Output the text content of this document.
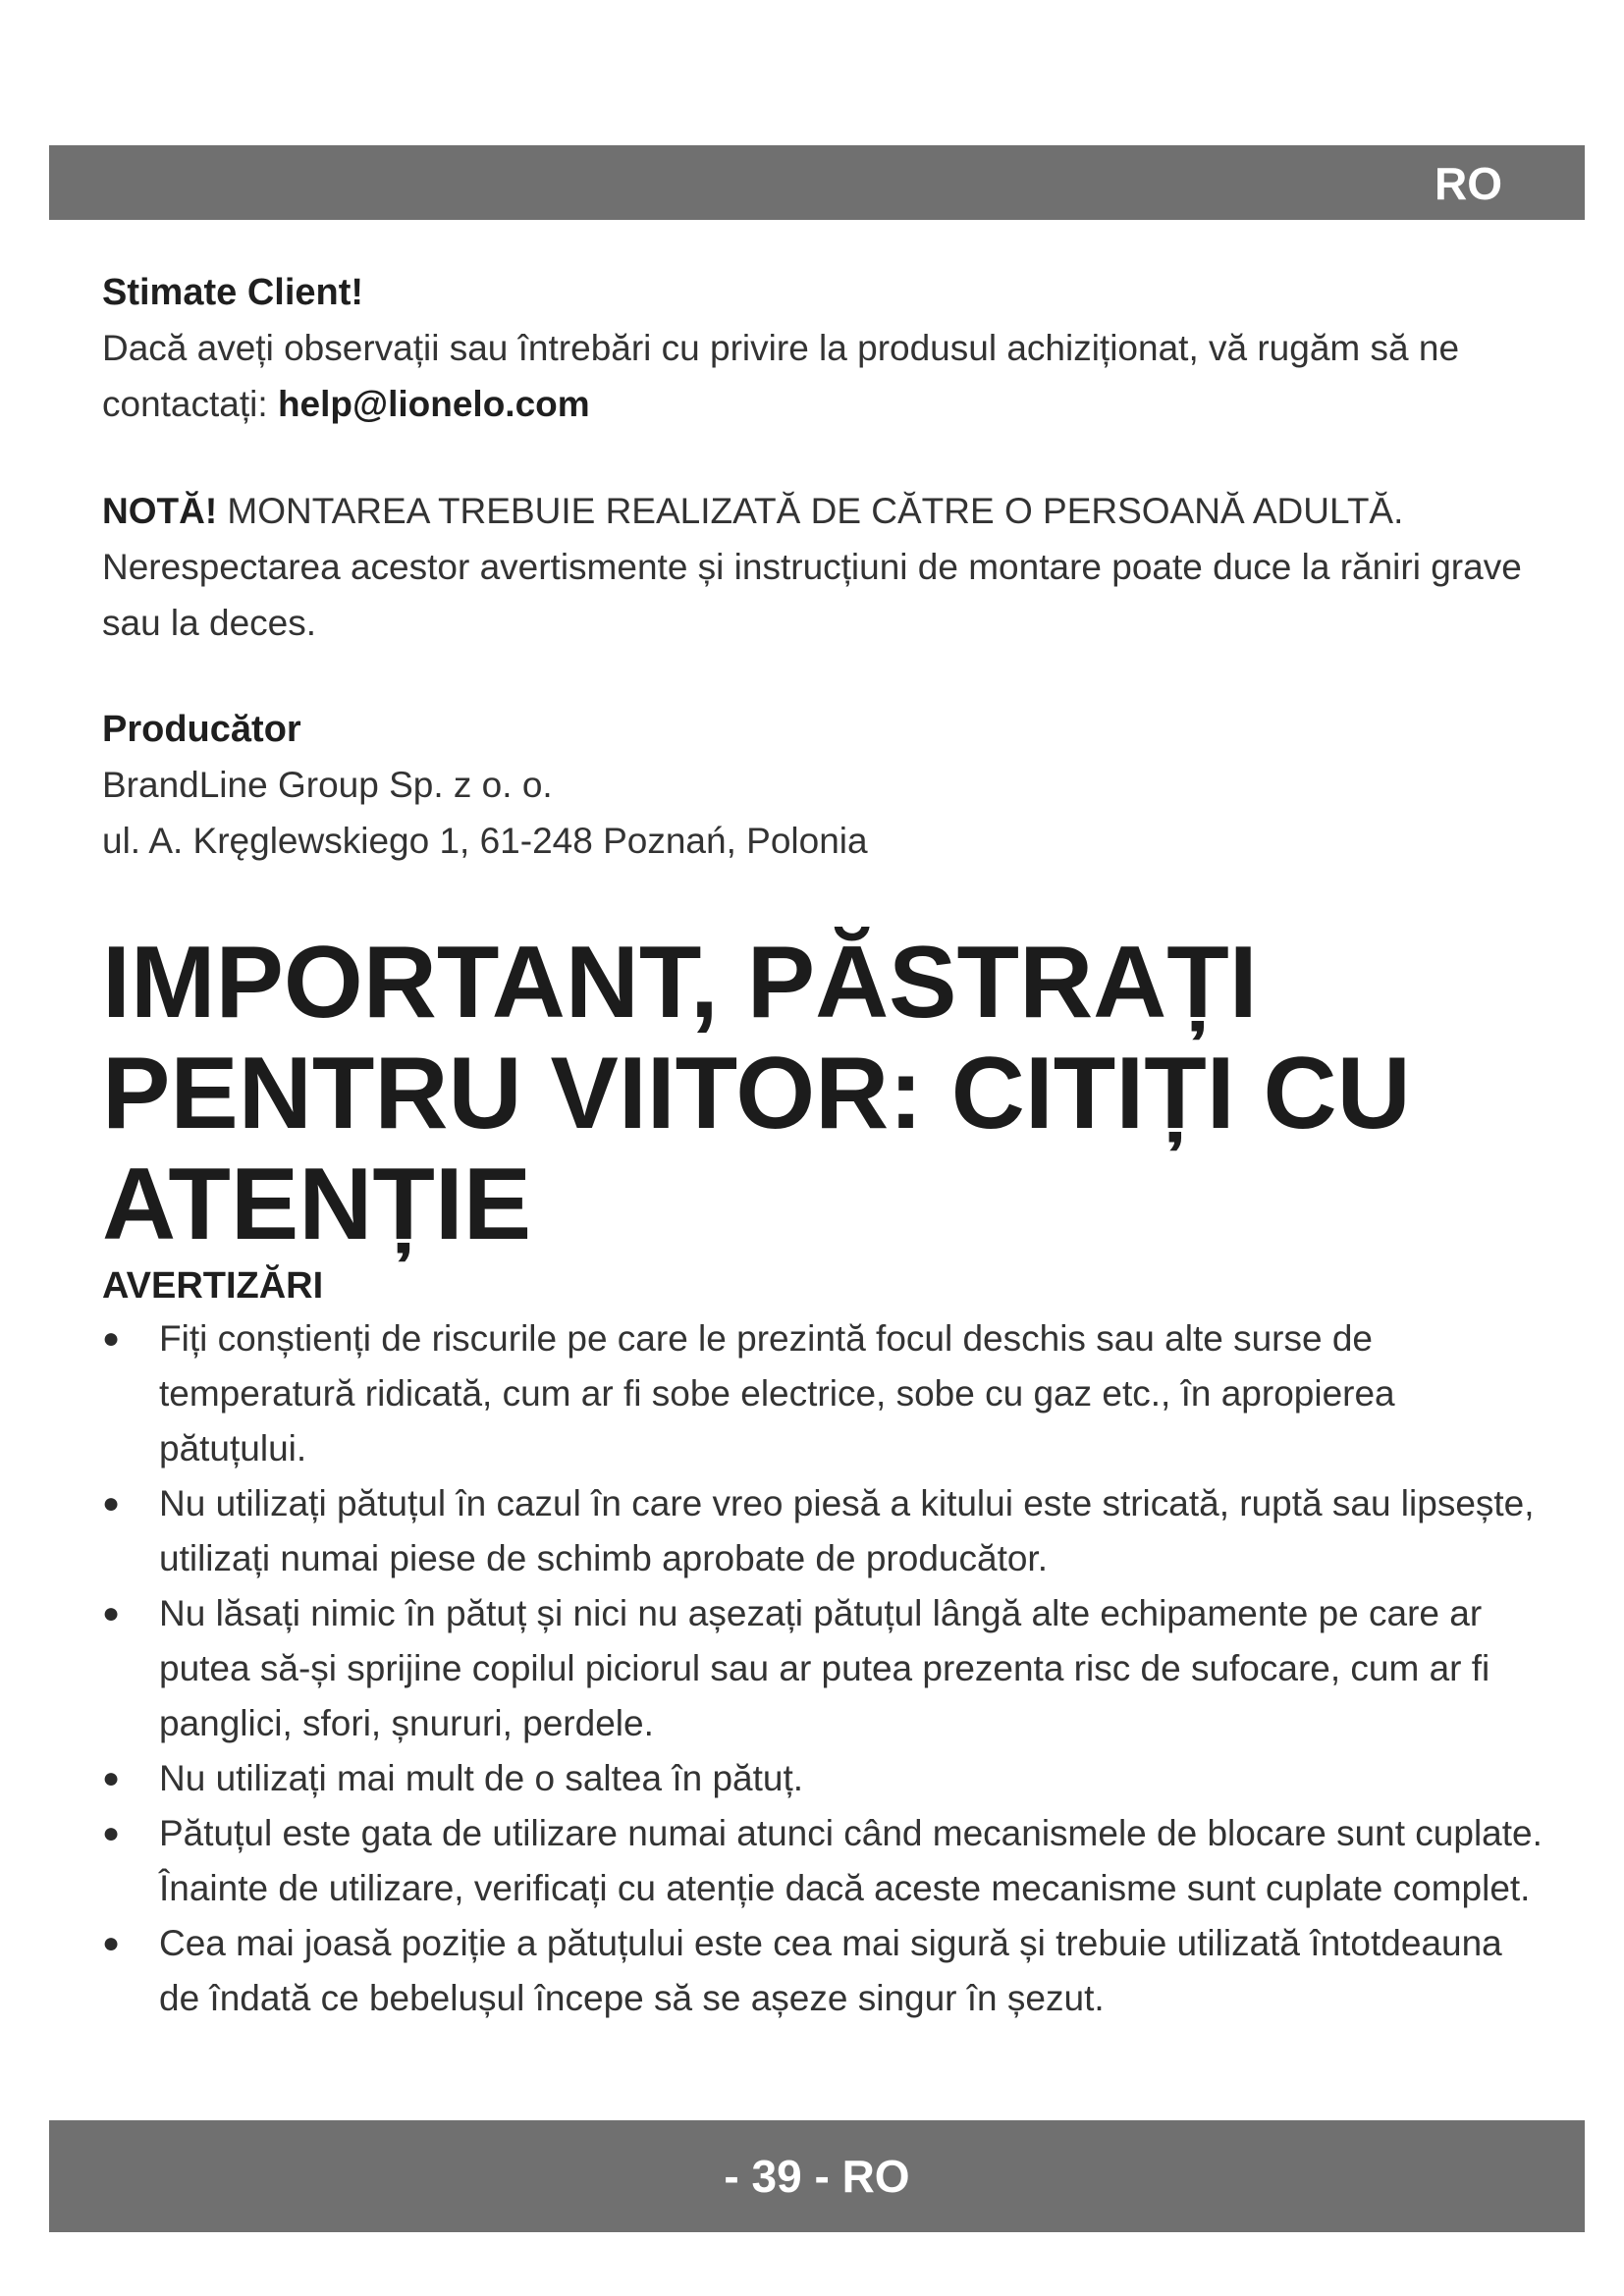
RO

Stimate Client!

Dacă aveți observații sau întrebări cu privire la produsul achiziționat, vă rugăm să ne contactați: help@lionelo.com

NOTĂ! MONTAREA TREBUIE REALIZATĂ DE CĂTRE O PERSOANĂ ADULTĂ. Nerespectarea acestor avertismente și instrucțiuni de montare poate duce la răniri grave sau la deces.

Producător

BrandLine Group Sp. z o. o.

ul. A. Kręglewskiego 1, 61-248 Poznań, Polonia

IMPORTANT, PĂSTRAȚI PENTRU VIITOR: CITIȚI CU ATENȚIE
AVERTIZĂRI
●	Fiți conștienți de riscurile pe care le prezintă focul deschis sau alte surse de temperatură ridicată, cum ar fi sobe electrice, sobe cu gaz etc., în apropierea pătuțului.
●	Nu utilizați pătuțul în cazul în care vreo piesă a kitului este stricată, ruptă sau lipsește, utilizați numai piese de schimb aprobate de producător.
●	Nu lăsați nimic în pătuț și nici nu așezați pătuțul lângă alte echipamente pe care ar putea să-și sprijine copilul piciorul sau ar putea prezenta risc de sufocare, cum ar fi panglici, sfori, șnururi, perdele.
●	Nu utilizați mai mult de o saltea în pătuț.
●	Pătuțul este gata de utilizare numai atunci când mecanismele de blocare sunt cuplate. Înainte de utilizare, verificați cu atenție dacă aceste mecanisme sunt cuplate complet.
●	Cea mai joasă poziție a pătuțului este cea mai sigură și trebuie utilizată întotdeauna de îndată ce bebelușul începe să se așeze singur în șezut.
- 39 - RO
